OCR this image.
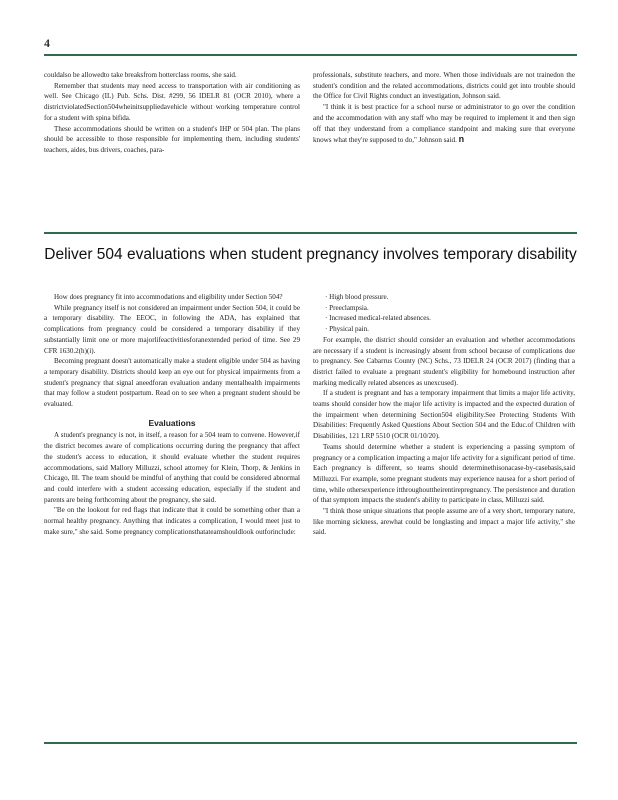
4

couldalso be allowedto take breaksfrom hotterclass rooms, she said.

Remember that students may need access to transportation with air conditioning as well. See Chicago (IL) Pub. Schs. Dist. #299, 56 IDELR 81 (OCR 2010), where a districtviolatedSection504wheinitsuppliedavehicle without working temperature control for a student with spina bifida.

These accommodations should be written on a student's IHP or 504 plan. The plans should be accessible to those responsible for implementing them, including students' teachers, aides, bus drivers, coaches, para-

professionals, substitute teachers, and more. When those individuals are not trainedon the student's condition and the related accommodations, districts could get into trouble should the Office for Civil Rights conduct an investigation, Johnson said.

"I think it is best practice for a school nurse or administrator to go over the condition and the accommodation with any staff who may be required to implement it and then sign off that they understand from a compliance standpoint and making sure that everyone knows what they're supposed to do," Johnson said. n

Deliver 504 evaluations when student pregnancy involves temporary disability

How does pregnancy fit into accommodations and eligibility under Section 504?

While pregnancy itself is not considered an impairment under Section 504, it could be a temporary disability. The EEOC, in following the ADA, has explained that complications from pregnancy could be considered a temporary disability if they substantially limit one or more majorlifeactivitiesforanextended period of time. See 29 CFR 1630.2(h)(i).

Becoming pregnant doesn't automatically make a student eligible under 504 as having a temporary disability. Districts should keep an eye out for physical impairments from a student's pregnancy that signal aneedforan evaluation andany mentalhealth impairments that may follow a student postpartum. Read on to see when a pregnant student should be evaluated.

Evaluations

A student's pregnancy is not, in itself, a reason for a 504 team to convene. However,if the district becomes aware of complications occurring during the pregnancy that affect the student's access to education, it should evaluate whether the student requires accommodations, said Mallory Milluzzi, school attorney for Klein, Thorp, & Jenkins in Chicago, Ill. The team should be mindful of anything that could be considered abnormal and could interfere with a student accessing education, especially if the student and parents are being forthcoming about the pregnancy, she said.

"Be on the lookout for red flags that indicate that it could be something other than a normal healthy pregnancy. Anything that indicates a complication, I would meet just to make sure," she said. Some pregnancy complicationsthatateamshouldlook outforinclude:

· High blood pressure.
· Preeclampsia.
· Increased medical-related absences.
· Physical pain.

For example, the district should consider an evaluation and whether accommodations are necessary if a student is increasingly absent from school because of complications due to pregnancy. See Cabarrus County (NC) Schs., 73 IDELR 24 (OCR 2017) (finding that a district failed to evaluate a pregnant student's eligibility for homebound instruction after marking medically related absences as unexcused).

If a student is pregnant and has a temporary impairment that limits a major life activity, teams should consider how the major life activity is impacted and the expected duration of the impairment when determining Section504 eligibility.See Protecting Students With Disabilities: Frequently Asked Questions About Section 504 and the Educ.of Children with Disabilities, 121 LRP 5510 (OCR 01/10/20).

Teams should determine whether a student is experiencing a passing symptom of pregnancy or a complication impacting a major life activity for a significant period of time. Each pregnancy is different, so teams should determinethisonacase-by-casebasis,said Milluzzi. For example, some pregnant students may experience nausea for a short period of time, while othersexperience itthroughouttheirentirepregnancy. The persistence and duration of that symptom impacts the student's ability to participate in class, Milluzzi said.

"I think those unique situations that people assume are of a very short, temporary nature, like morning sickness, arewhat could be longlasting and impact a major life activity," she said.
